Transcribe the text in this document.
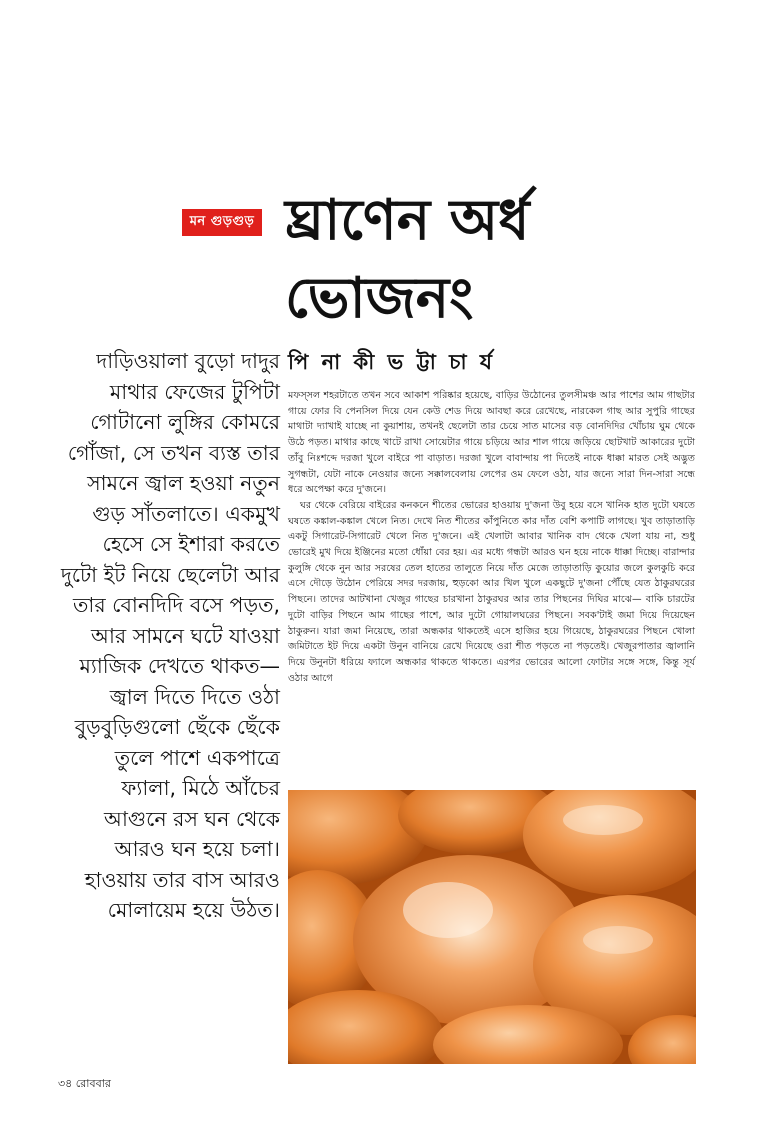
মন গুড়গুড় ঘ্রাণেন অর্ধ
ভোজনং
পি না কী ভ ট্টা চা র্য

দাড়িওয়ালা বুড়ো দাদুর মাথার ফেজের টুপিটা গোটানো লুঙ্গির কোমরে গোঁজা, সে তখন ব্যস্ত তার সামনে জ্বাল হওয়া নতুন গুড় সাঁতলাতে। একমুখ হেসে সে ইশারা করতে দুটো ইট নিয়ে ছেলেটা আর তার বোনদিদি বসে পড়ত, আর সামনে ঘটে যাওয়া ম্যাজিক দেখতে থাকত— জ্বাল দিতে দিতে ওঠা বুড়বুড়িগুলো ছেঁকে ছেঁকে তুলে পাশে একপাত্রে ফ্যালা, মিঠে আঁচের আগুনে রস ঘন থেকে আরও ঘন হয়ে চলা। হাওয়ায় তার বাস আরও মোলায়েম হয়ে উঠত।

মফস্সল শহরটাতে তখন সবে আকাশ পরিষ্কার হয়েছে, বাড়ির উঠোনের তুলসীমঞ্চ আর পাশের আম গাছটার গায়ে ফোর বি পেনসিল দিয়ে যেন কেউ শেড দিয়ে আবছা করে রেখেছে, নারকেল গাছ আর সুপুরি গাছের মাথাটা দ্যাখাই যাচ্ছে না কুয়াশায়, তখনই ছেলেটা তার চেয়ে সাত মাসের বড় বোনদিদির খোঁচায় ঘুম থেকে উঠে পড়ত। মাথার কাছে খাটে রাখা সোয়েটার গায়ে চড়িয়ে আর শাল গায়ে জড়িয়ে ছোটখাট আকারের দুটো তাঁবু নিঃশব্দে দরজা খুলে বাইরে পা বাড়াত। দরজা খুলে বাবান্দায় পা দিতেই নাকে ধাক্কা মারত সেই অদ্ভুত সুগন্ধটা, যেটা নাকে নেওয়ার জন্যে সক্কালবেলায় লেপের ওম ফেলে ওঠা, যার জন্যে সারা দিন-সারা সন্ধে ধরে অপেক্ষা করে দু'জনে।

ঘর থেকে বেরিয়ে বাইরের কনকনে শীতের ভোরের হাওয়ায় দু'জনা উবু হয়ে বসে খানিক হাত দুটো ঘষতে ঘষতে কঙ্কাল-কঙ্কাল খেলে নিত। দেখে নিত শীতের কাঁপুনিতে কার দাঁত বেশি কপাটি লাগছে। খুব তাড়াতাড়ি একটু সিগারেট-সিগারেট খেলে নিত দু'জনে। এই খেলাটা আবার খানিক বাদ থেকে খেলা যায় না, শুধু ভোরেই মুখ দিয়ে ইঞ্জিনের মতো ধোঁয়া বের হয়। এর মধ্যে গন্ধটা আরও ঘন হয়ে নাকে ধাক্কা দিচ্ছে। বারান্দার কুলুঙ্গি থেকে নুন আর সরষের তেল হাতের তালুতে নিয়ে দাঁত মেজে তাড়াতাড়ি কুয়োর জলে কুলকুচি করে এসে দৌড়ে উঠোন পেরিয়ে সদর দরজায়, হুড়কো আর খিল খুলে একছুটে দু'জনা পৌঁছে যেত ঠাকুরঘরের পিছনে। তাদের আটখানা খেজুর গাছের চারখানা ঠাকুরঘর আর তার পিছনের দিঘির মাঝে— বাকি চারটের দুটো বাড়ির পিছনে আম গাছের পাশে, আর দুটো গোয়ালঘরের পিছনে। সবক'টাই জমা দিয়ে দিয়েছেন ঠাকুরুন। যারা জমা নিয়েছে, তারা অন্ধকার থাকতেই এসে হাজির হয়ে গিয়েছে, ঠাকুরঘরের পিছনে খোলা জমিটাতে ইট দিয়ে একটা উনুন বানিয়ে রেখে দিয়েছে ওরা শীত পড়তে না পড়তেই। খেজুরপাতার জ্বালানি দিয়ে উনুনটা ধরিয়ে ফ্যালে অন্ধকার থাকতে থাকতে। এরপর ভোরের আলো ফোটার সঙ্গে সঙ্গে, কিন্তু সূর্য ওঠার আগে

৩৪ রোববার
